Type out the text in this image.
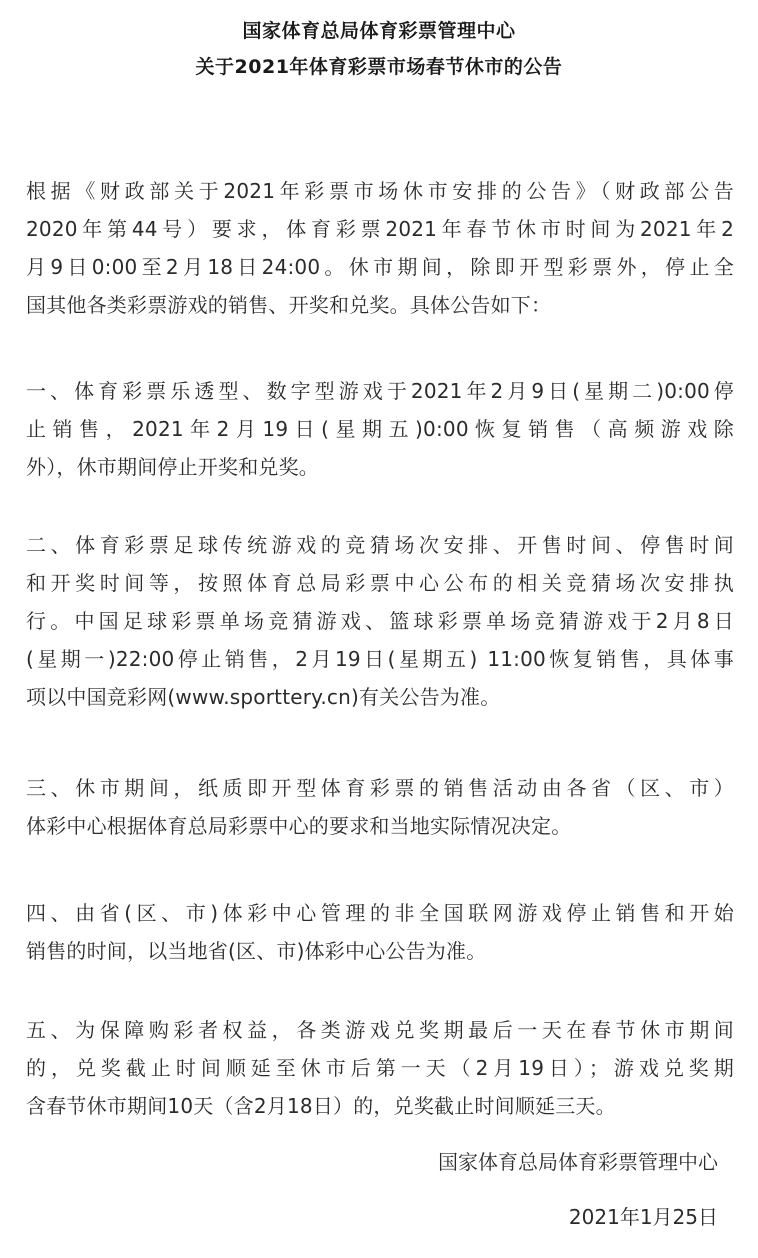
国家体育总局体育彩票管理中心
关于2021年体育彩票市场春节休市的公告

根据《财政部关于2021年彩票市场休市安排的公告》（财政部公告
2020年第44号）要求，体育彩票2021年春节休市时间为2021年2
月9日0:00至2月18日24:00。休市期间，除即开型彩票外，停止全
国其他各类彩票游戏的销售、开奖和兑奖。具体公告如下：

一、体育彩票乐透型、数字型游戏于2021年2月9日(星期二)0:00停
止销售，2021年2月19日(星期五)0:00恢复销售（高频游戏除
外），休市期间停止开奖和兑奖。

二、体育彩票足球传统游戏的竞猜场次安排、开售时间、停售时间
和开奖时间等，按照体育总局彩票中心公布的相关竞猜场次安排执
行。中国足球彩票单场竞猜游戏、篮球彩票单场竞猜游戏于2月8日
(星期一)22:00停止销售，2月19日(星期五) 11:00恢复销售，具体事
项以中国竞彩网(www.sporttery.cn)有关公告为准。

三、休市期间，纸质即开型体育彩票的销售活动由各省（区、市）
体彩中心根据体育总局彩票中心的要求和当地实际情况决定。

四、由省(区、市)体彩中心管理的非全国联网游戏停止销售和开始
销售的时间，以当地省(区、市)体彩中心公告为准。

五、为保障购彩者权益，各类游戏兑奖期最后一天在春节休市期间
的，兑奖截止时间顺延至休市后第一天（2月19日）；游戏兑奖期
含春节休市期间10天（含2月18日）的，兑奖截止时间顺延三天。

国家体育总局体育彩票管理中心

2021年1月25日
